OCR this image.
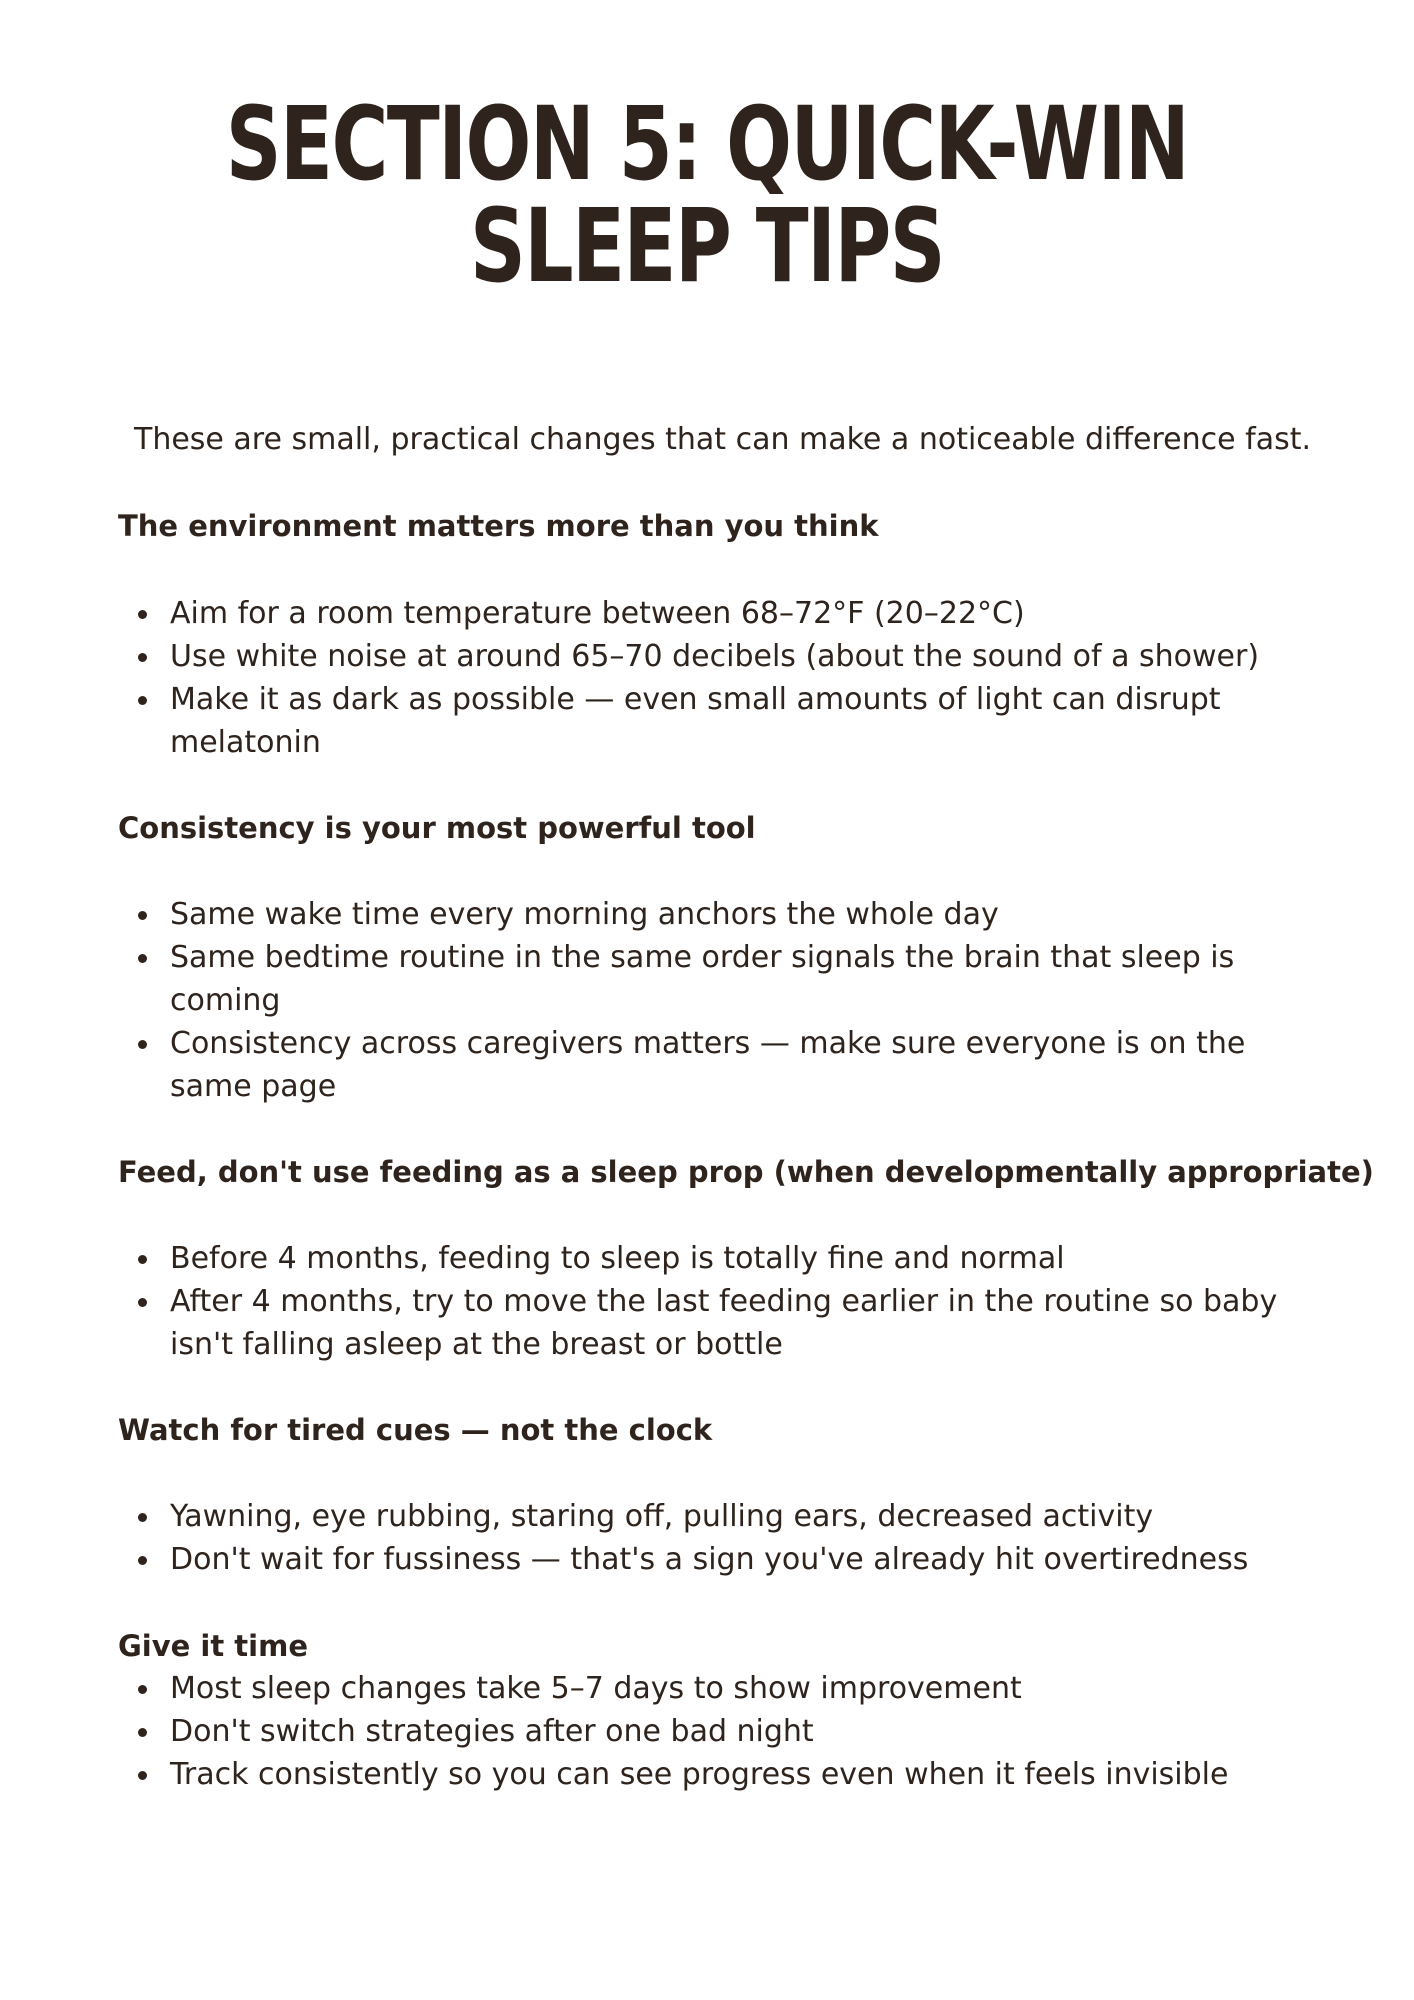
SECTION 5: QUICK-WIN
SLEEP TIPS

These are small, practical changes that can make a noticeable difference fast.

The environment matters more than you think
Aim for a room temperature between 68–72°F (20–22°C)
Use white noise at around 65–70 decibels (about the sound of a shower)
Make it as dark as possible — even small amounts of light can disrupt melatonin
Consistency is your most powerful tool
Same wake time every morning anchors the whole day
Same bedtime routine in the same order signals the brain that sleep is coming
Consistency across caregivers matters — make sure everyone is on the same page
Feed, don't use feeding as a sleep prop (when developmentally appropriate)
Before 4 months, feeding to sleep is totally fine and normal
After 4 months, try to move the last feeding earlier in the routine so baby isn't falling asleep at the breast or bottle
Watch for tired cues — not the clock
Yawning, eye rubbing, staring off, pulling ears, decreased activity
Don't wait for fussiness — that's a sign you've already hit overtiredness
Give it time
Most sleep changes take 5–7 days to show improvement
Don't switch strategies after one bad night
Track consistently so you can see progress even when it feels invisible
